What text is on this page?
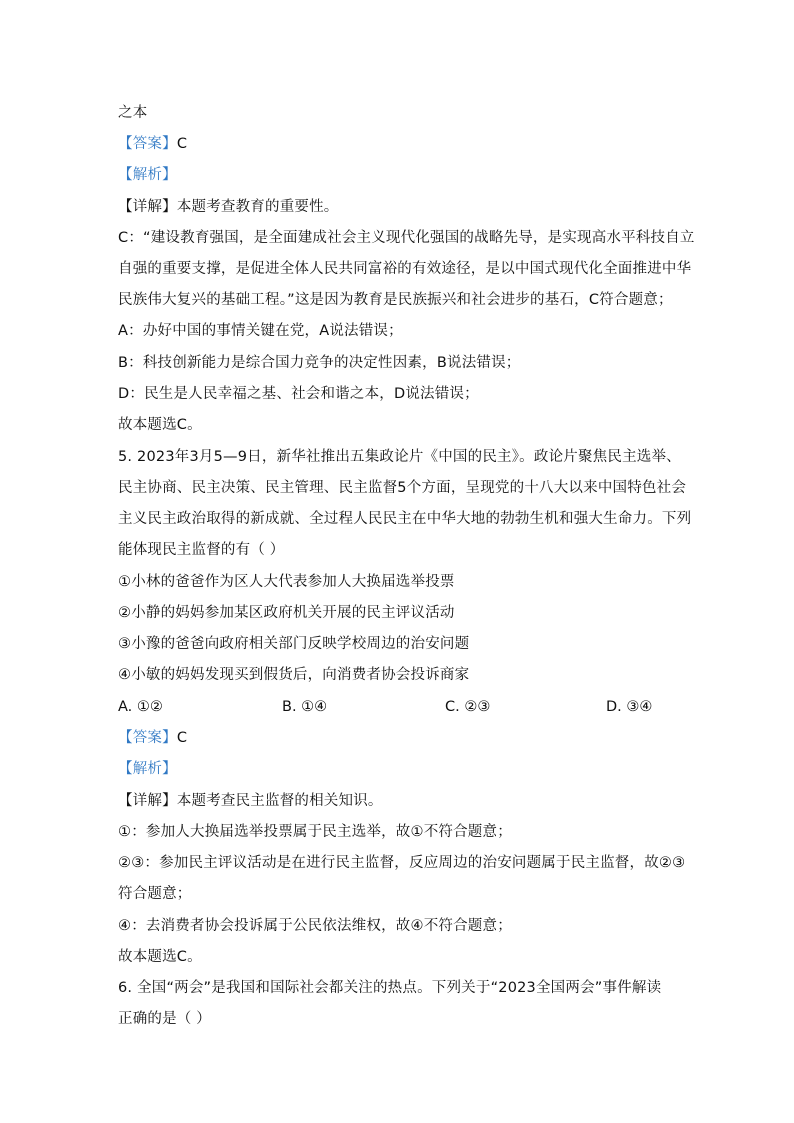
之本
【答案】C
【解析】
【详解】本题考查教育的重要性。
C：“建设教育强国，是全面建成社会主义现代化强国的战略先导，是实现高水平科技自立
自强的重要支撑，是促进全体人民共同富裕的有效途径，是以中国式现代化全面推进中华
民族伟大复兴的基础工程。”这是因为教育是民族振兴和社会进步的基石，C符合题意；
A：办好中国的事情关键在党，A说法错误；
B：科技创新能力是综合国力竞争的决定性因素，B说法错误；
D：民生是人民幸福之基、社会和谐之本，D说法错误；
故本题选C。
5. 2023年3月5—9日，新华社推出五集政论片《中国的民主》。政论片聚焦民主选举、
民主协商、民主决策、民主管理、民主监督5个方面，呈现党的十八大以来中国特色社会
主义民主政治取得的新成就、全过程人民民主在中华大地的勃勃生机和强大生命力。下列
能体现民主监督的有（ ）
①小林的爸爸作为区人大代表参加人大换届选举投票
②小静的妈妈参加某区政府机关开展的民主评议活动
③小豫的爸爸向政府相关部门反映学校周边的治安问题
④小敏的妈妈发现买到假货后，向消费者协会投诉商家
A. ①②	B. ①④	C. ②③	D. ③④
【答案】C
【解析】
【详解】本题考查民主监督的相关知识。
①：参加人大换届选举投票属于民主选举，故①不符合题意；
②③：参加民主评议活动是在进行民主监督，反应周边的治安问题属于民主监督，故②③
符合题意；
④：去消费者协会投诉属于公民依法维权，故④不符合题意；
故本题选C。
6. 全国“两会”是我国和国际社会都关注的热点。下列关于“2023全国两会”事件解读
正确的是（ ）
